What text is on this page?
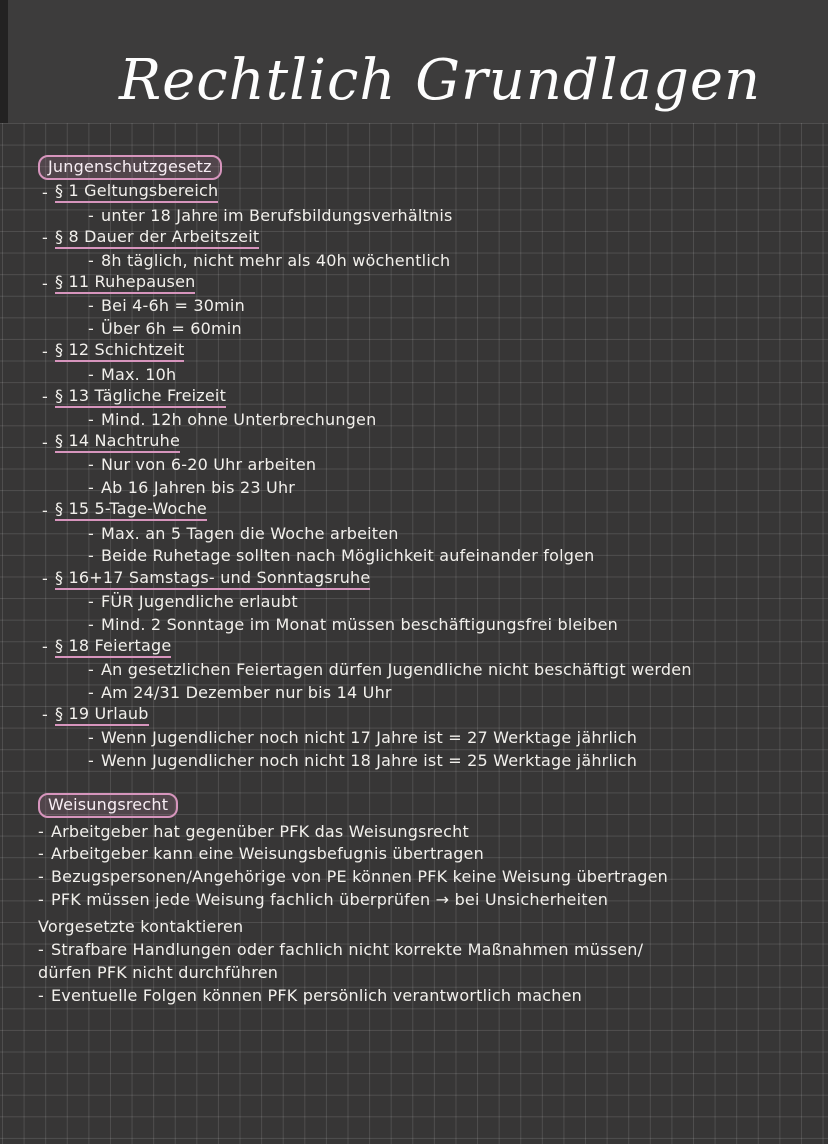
Rechtlich Grundlagen
Jungenschutzgesetz
- § 1 Geltungsbereich
- unter 18 Jahre im Berufsbildungsverhältnis
- § 8 Dauer der Arbeitszeit
- 8h täglich, nicht mehr als 40h wöchentlich
- § 11 Ruhepausen
- Bei 4-6h = 30min
- Über 6h = 60min
- § 12 Schichtzeit
- Max. 10h
- § 13 Tägliche Freizeit
- Mind. 12h ohne Unterbrechungen
- § 14 Nachtruhe
- Nur von 6-20 Uhr arbeiten
- Ab 16 Jahren bis 23 Uhr
- § 15 5-Tage-Woche
- Max. an 5 Tagen die Woche arbeiten
- Beide Ruhetage sollten nach Möglichkeit aufeinander folgen
- § 16+17 Samstags- und Sonntagsruhe
- FÜR Jugendliche erlaubt
- Mind. 2 Sonntage im Monat müssen beschäftigungsfrei bleiben
- § 18 Feiertage
- An gesetzlichen Feiertagen dürfen Jugendliche nicht beschäftigt werden
- Am 24/31 Dezember nur bis 14 Uhr
- § 19 Urlaub
- Wenn Jugendlicher noch nicht 17 Jahre ist = 27 Werktage jährlich
- Wenn Jugendlicher noch nicht 18 Jahre ist = 25 Werktage jährlich
Weisungsrecht
- Arbeitgeber hat gegenüber PFK das Weisungsrecht
- Arbeitgeber kann eine Weisungsbefugnis übertragen
- Bezugspersonen/Angehörige von PE können PFK keine Weisung übertragen
- PFK müssen jede Weisung fachlich überprüfen → bei Unsicherheiten
Vorgesetzte kontaktieren
- Strafbare Handlungen oder fachlich nicht korrekte Maßnahmen müssen/
dürfen PFK nicht durchführen
- Eventuelle Folgen können PFK persönlich verantwortlich machen
